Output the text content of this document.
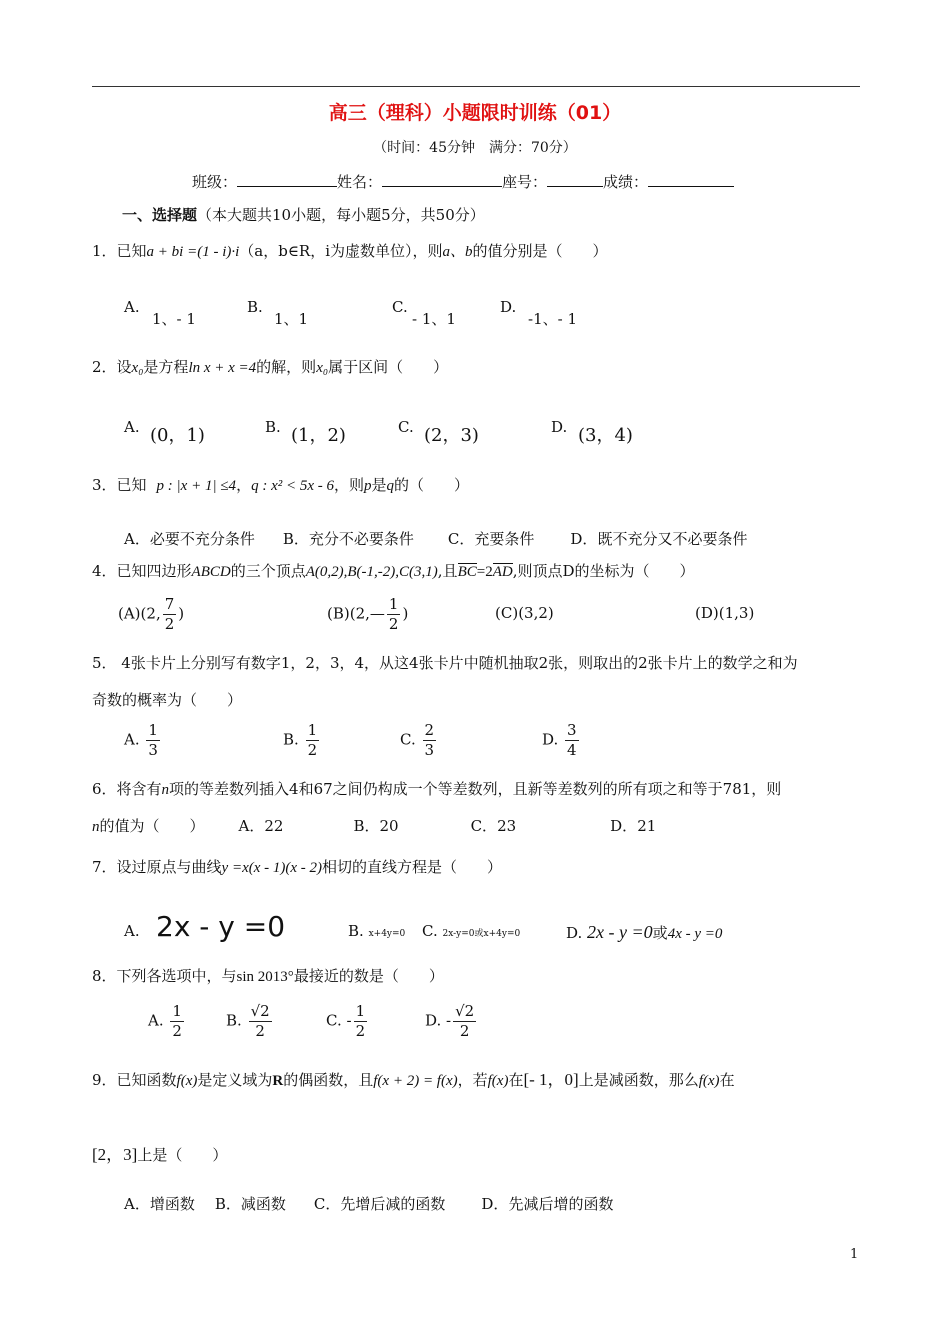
高三（理科）小题限时训练（01）
（时间：45分钟　满分：70分）
班级：	姓名：	座号：	成绩：
一、选择题（本大题共10小题，每小题5分，共50分）
1．已知a + bi =(1 - i)·i（a，b∈R，i为虚数单位），则a、b的值分别是（　　）
A.
1、- 1
B.
1、1
C.
- 1、1
D.
-1、- 1
2．设x₀是方程ln x + x =4的解，则x₀属于区间（　　）
A. (0，1)	B. (1，2)	C. (2，3)	D. (3，4)
3．已知 p : |x + 1| ≤4，q : x² < 5x - 6，则p是q的（　　）
A．必要不充分条件 B．充分不必要条件 C．充要条件 D．既不充分又不必要条件
4．已知四边形ABCD的三个顶点A(0,2),B(-1,-2),C(3,1),且BC=2AD,则顶点D的坐标为（　　）
(A)(2, $\frac{7}{2}$ )	(B)(2,— $\frac{1}{2}$ )	(C)(3,2)	(D)(1,3)
5． 4张卡片上分别写有数字1，2，3，4，从这4张卡片中随机抽取2张，则取出的2张卡片上的数学之和为
奇数的概率为（　　）
A. $\frac{1}{3}$	B. $\frac{1}{2}$	C. $\frac{2}{3}$	D. $\frac{3}{4}$
6．将含有n项的等差数列插入4和67之间仍构成一个等差数列，且新等差数列的所有项之和等于781，则
n的值为（　　） A．22	B．20	C．23	D．21
7．设过原点与曲线y =x(x - 1)(x - 2)相切的直线方程是（　　）
A. 2x - y =0	B. x+4y=0 C. 2x-y=0或x+4y=0	D. 2x - y =0或4x - y =0
8．下列各选项中，与sin 2013°最接近的数是（　　）
A. $\frac{1}{2}$	B. $\frac{√2}{2}$	C. - $\frac{1}{2}$	D. - $\frac{√2}{2}$
9．已知函数f(x)是定义域为R的偶函数，且f(x + 2) = f(x)，若f(x)在[- 1，0]上是减函数，那么f(x)在
[2，3]上是（　　）
A．增函数 B．减函数 C．先增后减的函数 D．先减后增的函数
1
